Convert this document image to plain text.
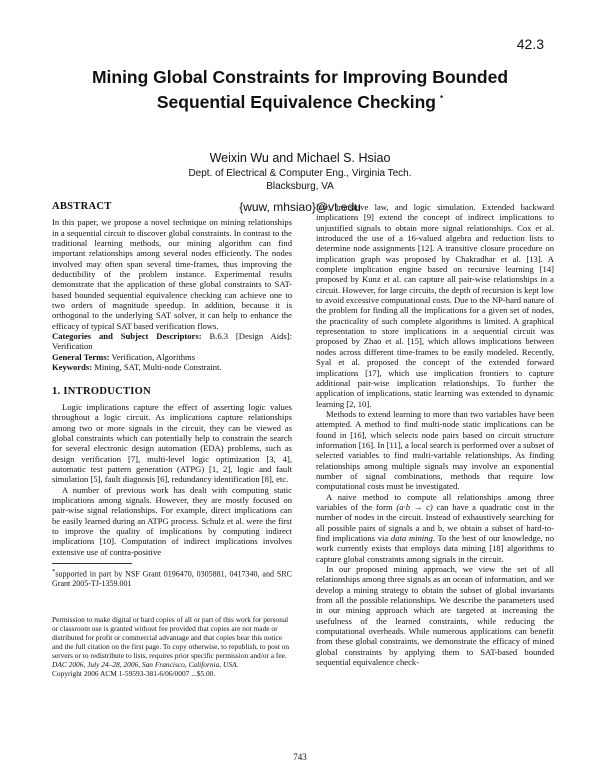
42.3
Mining Global Constraints for Improving Bounded
Sequential Equivalence Checking *
Weixin Wu and Michael S. Hsiao
Dept. of Electrical & Computer Eng., Virginia Tech.
Blacksburg, VA
{wuw, mhsiao}@vt.edu
ABSTRACT

In this paper, we propose a novel technique on mining relationships in a sequential circuit to discover global constraints. In contrast to the traditional learning methods, our mining algorithm can find important relationships among several nodes efficiently. The nodes involved may often span several time-frames, thus improving the deductibility of the problem instance. Experimental results demonstrate that the application of these global constraints to SAT-based bounded sequential equivalence checking can achieve one to two orders of magnitude speedup. In addition, because it is orthogonal to the underlying SAT solver, it can help to enhance the efficacy of typical SAT based verification flows.

Categories and Subject Descriptors: B.6.3 [Design Aids]: Verification

General Terms: Verification, Algorithms

Keywords: Mining, SAT, Multi-node Constraint.

1. INTRODUCTION

Logic implications capture the effect of asserting logic values throughout a logic circuit. As implications capture relationships among two or more signals in the circuit, they can be viewed as global constraints which can potentially help to constrain the search for several electronic design automation (EDA) problems, such as design verification [7], multi-level logic optimization [3, 4], automatic test pattern generation (ATPG) [1, 2], logic and fault simulation [5], fault diagnosis [6], redundancy identification [8], etc.

A number of previous work has dealt with computing static implications among signals. However, they are mostly focused on pair-wise signal relationships. For example, direct implications can be easily learned during an ATPG process. Schulz et al. were the first to improve the quality of implications by computing indirect implications [10]. Computation of indirect implications involves extensive use of contra-positive

*supported in part by NSF Grant 0196470, 0305881, 0417340, and SRC Grant 2005-TJ-1359.001

Permission to make digital or hard copies of all or part of this work for personal or classroom use is granted without fee provided that copies are not made or distributed for profit or commercial advantage and that copies bear this notice and the full citation on the first page. To copy otherwise, to republish, to post on servers or to redistribute to lists, requires prior specific permission and/or a fee.

DAC 2006, July 24–28, 2006, San Francisco, California, USA.

Copyright 2006 ACM 1-59593-381-6/06/0007 ...$5.00.

law, transitive law, and logic simulation. Extended backward implications [9] extend the concept of indirect implications to unjustified signals to obtain more signal relationships. Cox et al. introduced the use of a 16-valued algebra and reduction lists to determine node assignments [12]. A transitive closure procedure on implication graph was proposed by Chakradhar et al. [13]. A complete implication engine based on recursive learning [14] proposed by Kunz et al. can capture all pair-wise relationships in a circuit. However, for large circuits, the depth of recursion is kept low to avoid excessive computational costs. Due to the NP-hard nature of the problem for finding all the implications for a given set of nodes, the practicality of such complete algorithms is limited. A graphical representation to store implications in a sequential circuit was proposed by Zhao et al. [15], which allows implications between nodes across different time-frames to be easily modeled. Recently, Syal et al. proposed the concept of the extended forward implications [17], which use implication frontiers to capture additional pair-wise implication relationships. To further the application of implications, static learning was extended to dynamic learning [2, 10].

Methods to extend learning to more than two variables have been attempted. A method to find multi-node static implications can be found in [16], which selects node pairs based on circuit structure information [16]. In [11], a local search is performed over a subset of selected variables to find multi-variable relationships. As finding relationships among multiple signals may involve an exponential number of signal combinations, methods that require low computational costs must be investigated.

A naive method to compute all relationships among three variables of the form (a·b → c) can have a quadratic cost in the number of nodes in the circuit. Instead of exhaustively searching for all possible pairs of signals a and b, we obtain a subset of hard-to-find implications via data mining. To the best of our knowledge, no work currently exists that employs data mining [18] algorithms to capture global constraints among signals in the circuit.

In our proposed mining approach, we view the set of all relationships among three signals as an ocean of information, and we develop a mining strategy to obtain the subset of global invariants from all the possible relationships. We describe the parameters used in our mining approach which are targeted at increasing the usefulness of the learned constraints, while reducing the computational overheads. While numerous applications can benefit from these global constraints, we demonstrate the efficacy of mined global constraints by applying them to SAT-based bounded sequential equivalence check-

743
